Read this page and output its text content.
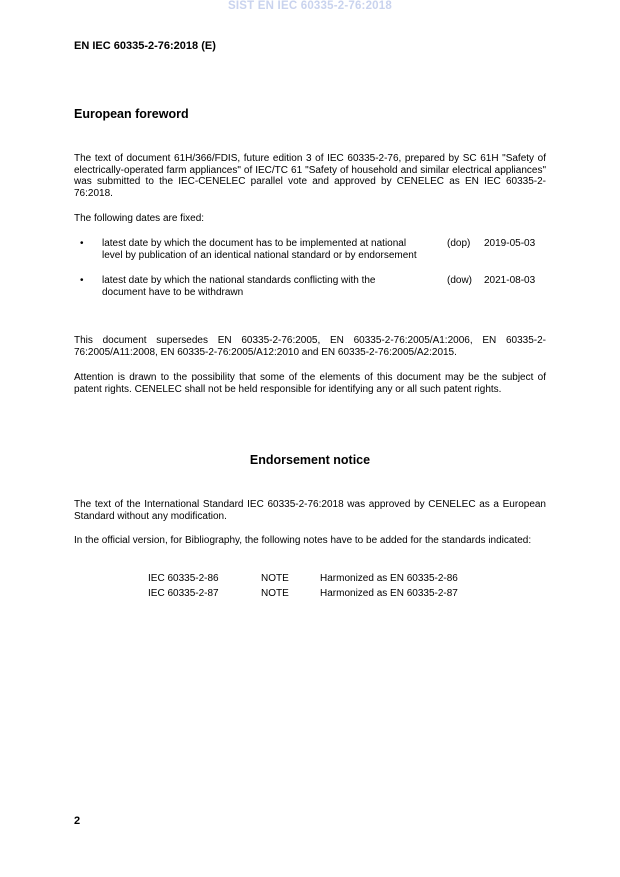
SIST EN IEC 60335-2-76:2018
EN IEC 60335-2-76:2018 (E)
European foreword
The text of document 61H/366/FDIS, future edition 3 of IEC 60335-2-76, prepared by SC 61H "Safety of electrically-operated farm appliances" of IEC/TC 61 "Safety of household and similar electrical appliances" was submitted to the IEC-CENELEC parallel vote and approved by CENELEC as EN IEC 60335-2-76:2018.
The following dates are fixed:
• latest date by which the document has to be implemented at national
level by publication of an identical national standard or by endorsement
(dop) 2019-05-03
• latest date by which the national standards conflicting with the
document have to be withdrawn
(dow) 2021-08-03
This document supersedes EN 60335-2-76:2005, EN 60335-2-76:2005/A1:2006, EN 60335-2-76:2005/A11:2008, EN 60335-2-76:2005/A12:2010 and EN 60335-2-76:2005/A2:2015.
Attention is drawn to the possibility that some of the elements of this document may be the subject of patent rights. CENELEC shall not be held responsible for identifying any or all such patent rights.
Endorsement notice
The text of the International Standard IEC 60335-2-76:2018 was approved by CENELEC as a European Standard without any modification.
In the official version, for Bibliography, the following notes have to be added for the standards indicated:
IEC 60335-2-86	NOTE	Harmonized as EN 60335-2-86
IEC 60335-2-87	NOTE	Harmonized as EN 60335-2-87
2
